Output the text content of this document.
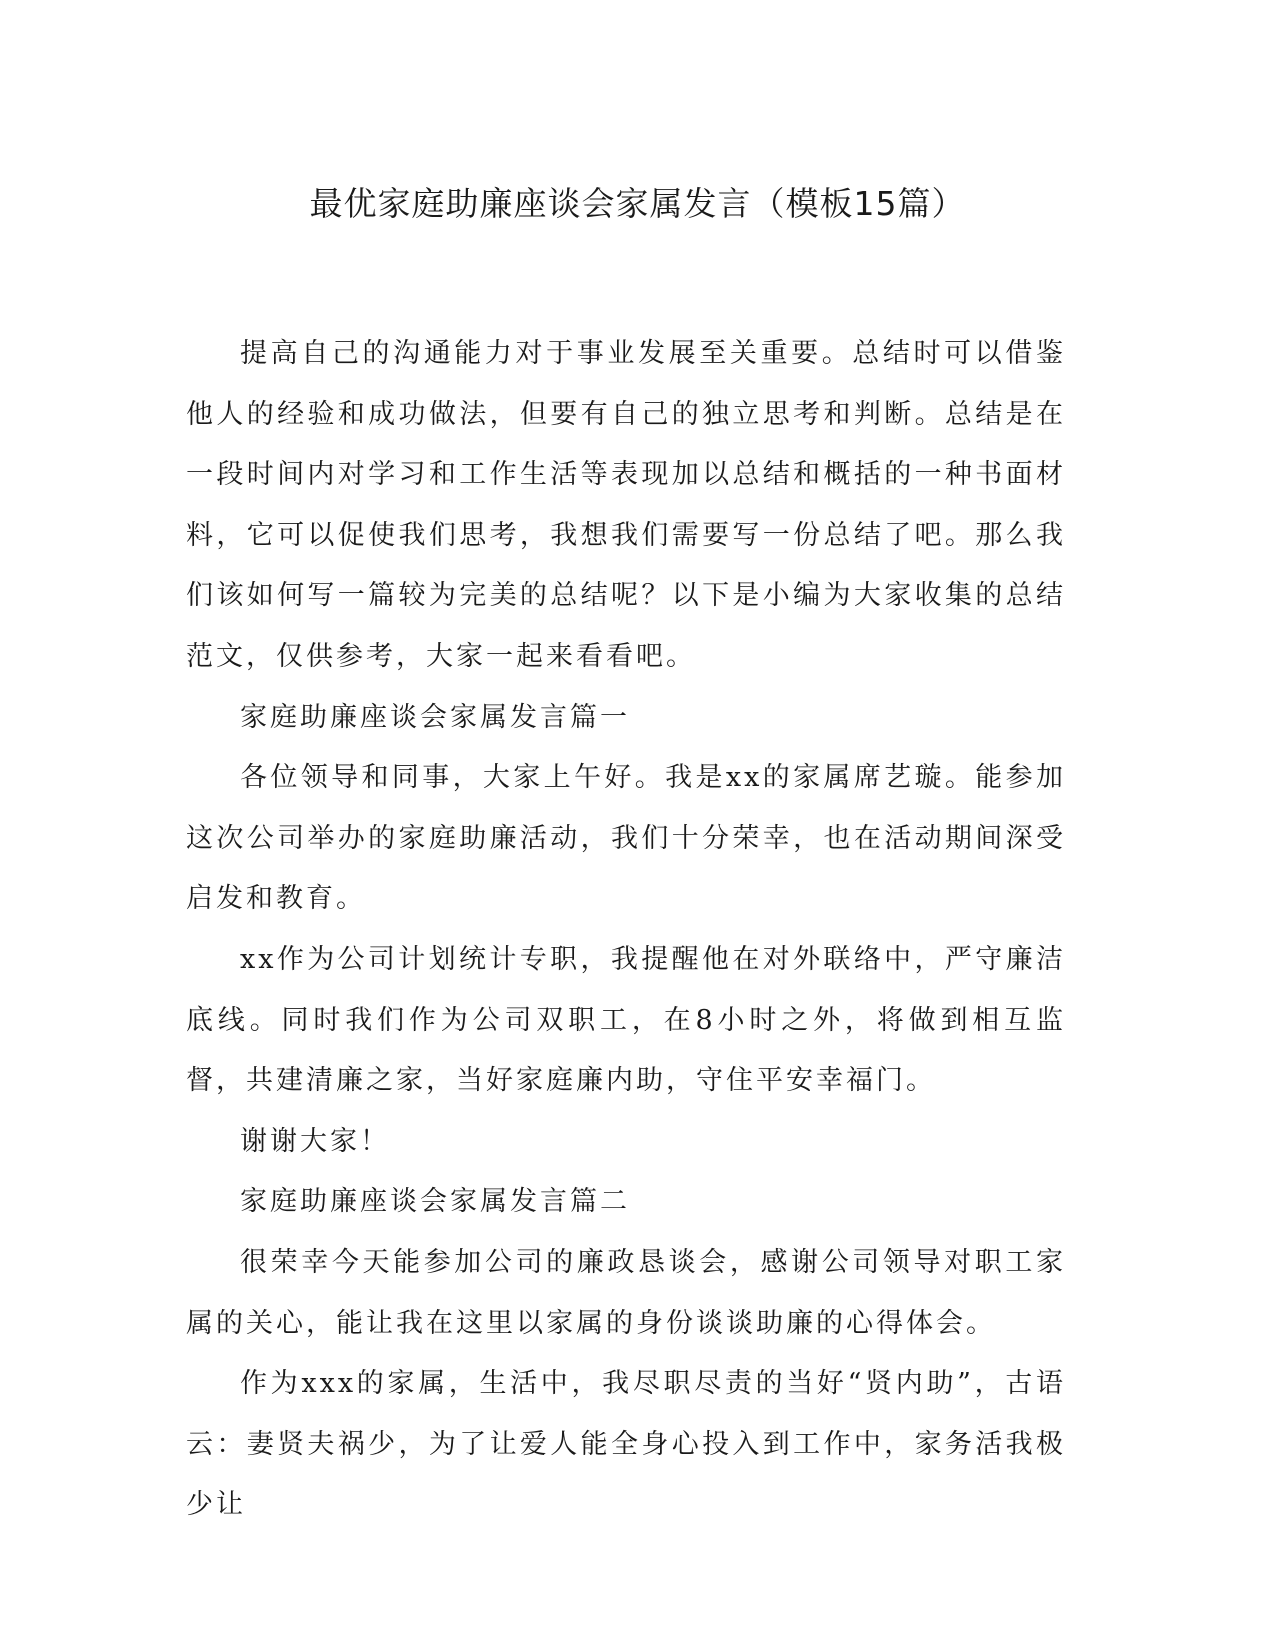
最优家庭助廉座谈会家属发言（模板15篇）

提高自己的沟通能力对于事业发展至关重要。总结时可以借鉴他人的经验和成功做法，但要有自己的独立思考和判断。总结是在一段时间内对学习和工作生活等表现加以总结和概括的一种书面材料，它可以促使我们思考，我想我们需要写一份总结了吧。那么我们该如何写一篇较为完美的总结呢？以下是小编为大家收集的总结范文，仅供参考，大家一起来看看吧。

家庭助廉座谈会家属发言篇一

各位领导和同事，大家上午好。我是xx的家属席艺璇。能参加这次公司举办的家庭助廉活动，我们十分荣幸，也在活动期间深受启发和教育。

xx作为公司计划统计专职，我提醒他在对外联络中，严守廉洁底线。同时我们作为公司双职工，在8小时之外，将做到相互监督，共建清廉之家，当好家庭廉内助，守住平安幸福门。

谢谢大家！

家庭助廉座谈会家属发言篇二

很荣幸今天能参加公司的廉政恳谈会，感谢公司领导对职工家属的关心，能让我在这里以家属的身份谈谈助廉的心得体会。

作为xxx的家属，生活中，我尽职尽责的当好“贤内助”，古语云：妻贤夫祸少，为了让爱人能全身心投入到工作中，家务活我极少让
